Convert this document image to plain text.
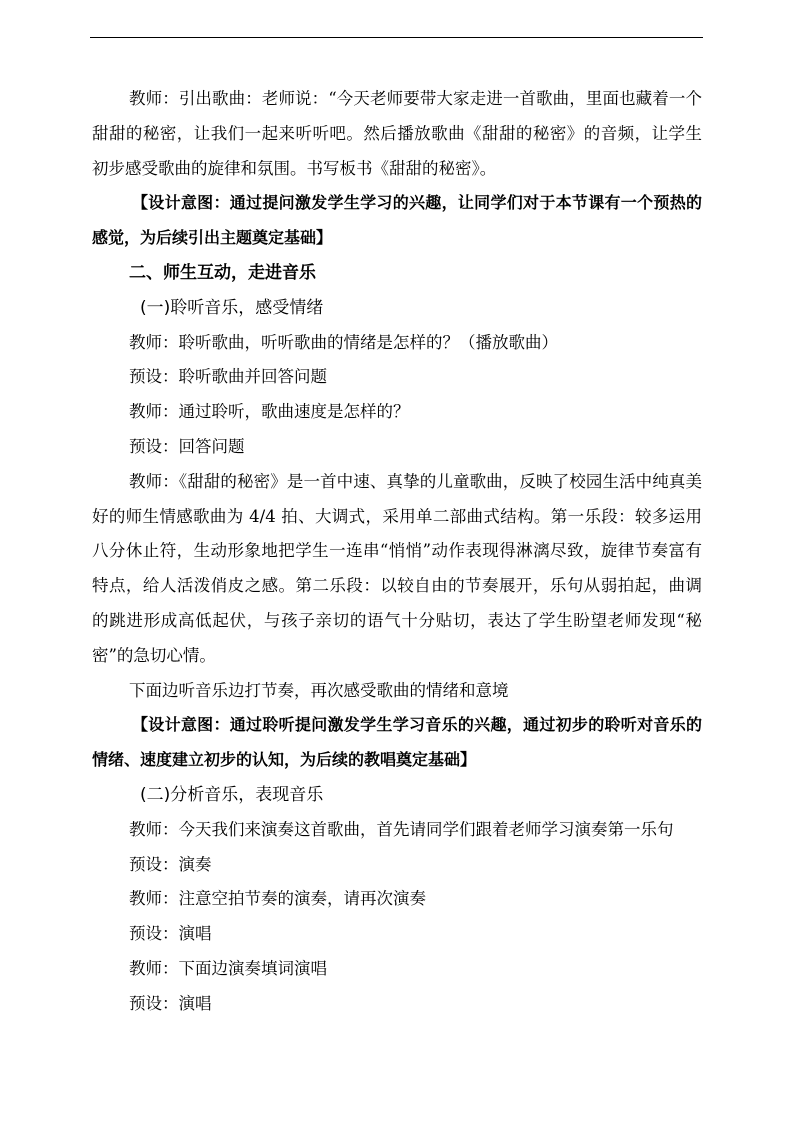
教师：引出歌曲：老师说：“今天老师要带大家走进一首歌曲，里面也藏着一个甜甜的秘密，让我们一起来听听吧。然后播放歌曲《甜甜的秘密》的音频，让学生初步感受歌曲的旋律和氛围。书写板书《甜甜的秘密》。

【设计意图：通过提问激发学生学习的兴趣，让同学们对于本节课有一个预热的感觉，为后续引出主题奠定基础】

二、师生互动，走进音乐

(一)聆听音乐，感受情绪

教师：聆听歌曲，听听歌曲的情绪是怎样的？（播放歌曲）

预设：聆听歌曲并回答问题

教师：通过聆听，歌曲速度是怎样的？

预设：回答问题

教师：《甜甜的秘密》是一首中速、真挚的儿童歌曲，反映了校园生活中纯真美好的师生情感歌曲为 4/4 拍、大调式，采用单二部曲式结构。第一乐段：较多运用八分休止符，生动形象地把学生一连串“悄悄”动作表现得淋漓尽致，旋律节奏富有特点，给人活泼俏皮之感。第二乐段：以较自由的节奏展开，乐句从弱拍起，曲调的跳进形成高低起伏，与孩子亲切的语气十分贴切，表达了学生盼望老师发现“秘密”的急切心情。

下面边听音乐边打节奏，再次感受歌曲的情绪和意境

【设计意图：通过聆听提问激发学生学习音乐的兴趣，通过初步的聆听对音乐的情绪、速度建立初步的认知，为后续的教唱奠定基础】

(二)分析音乐，表现音乐

教师：今天我们来演奏这首歌曲，首先请同学们跟着老师学习演奏第一乐句

预设：演奏

教师：注意空拍节奏的演奏，请再次演奏

预设：演唱

教师：下面边演奏填词演唱

预设：演唱
